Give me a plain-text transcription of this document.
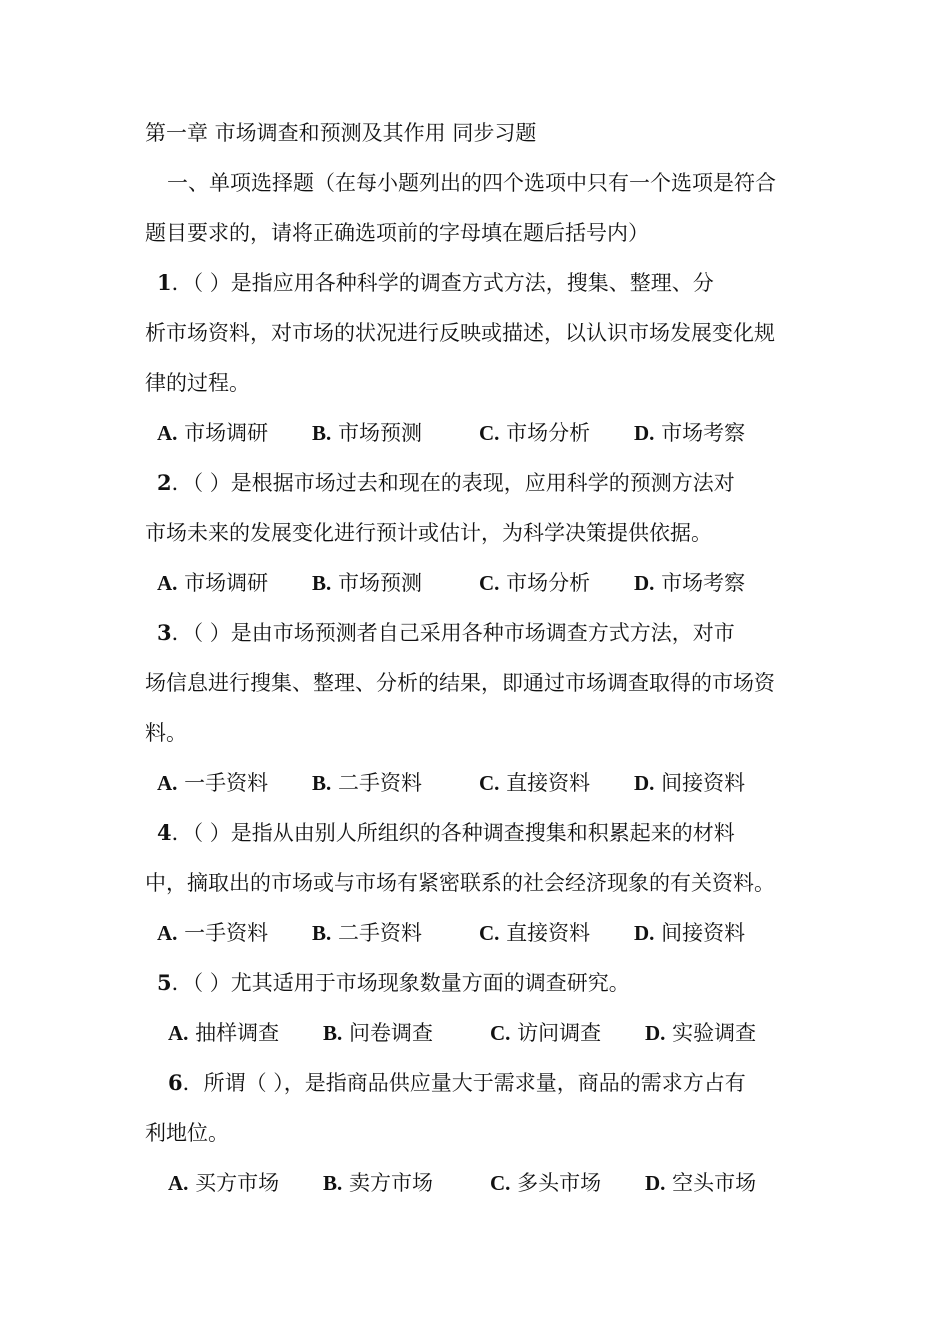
第一章 市场调查和预测及其作用 同步习题
一、单项选择题（在每小题列出的四个选项中只有一个选项是符合
题目要求的，请将正确选项前的字母填在题后括号内）
1．（ ）是指应用各种科学的调查方式方法，搜集、整理、分
析市场资料，对市场的状况进行反映或描述，以认识市场发展变化规
律的过程。
A. 市场调研 B. 市场预测	C. 市场分析 D. 市场考察
2．（ ）是根据市场过去和现在的表现，应用科学的预测方法对
市场未来的发展变化进行预计或估计，为科学决策提供依据。
A. 市场调研 B. 市场预测	C. 市场分析 D. 市场考察
3．（ ）是由市场预测者自己采用各种市场调查方式方法，对市
场信息进行搜集、整理、分析的结果，即通过市场调查取得的市场资
料。
A. 一手资料 B. 二手资料	C. 直接资料 D. 间接资料
4．（ ）是指从由别人所组织的各种调查搜集和积累起来的材料
中，摘取出的市场或与市场有紧密联系的社会经济现象的有关资料。
A. 一手资料 B. 二手资料	C. 直接资料 D. 间接资料
5．（ ）尤其适用于市场现象数量方面的调查研究。
A. 抽样调查 B. 问卷调查	C. 访问调查 D. 实验调查
6．所谓（ ），是指商品供应量大于需求量，商品的需求方占有
利地位。
A. 买方市场 B. 卖方市场	C. 多头市场 D. 空头市场
